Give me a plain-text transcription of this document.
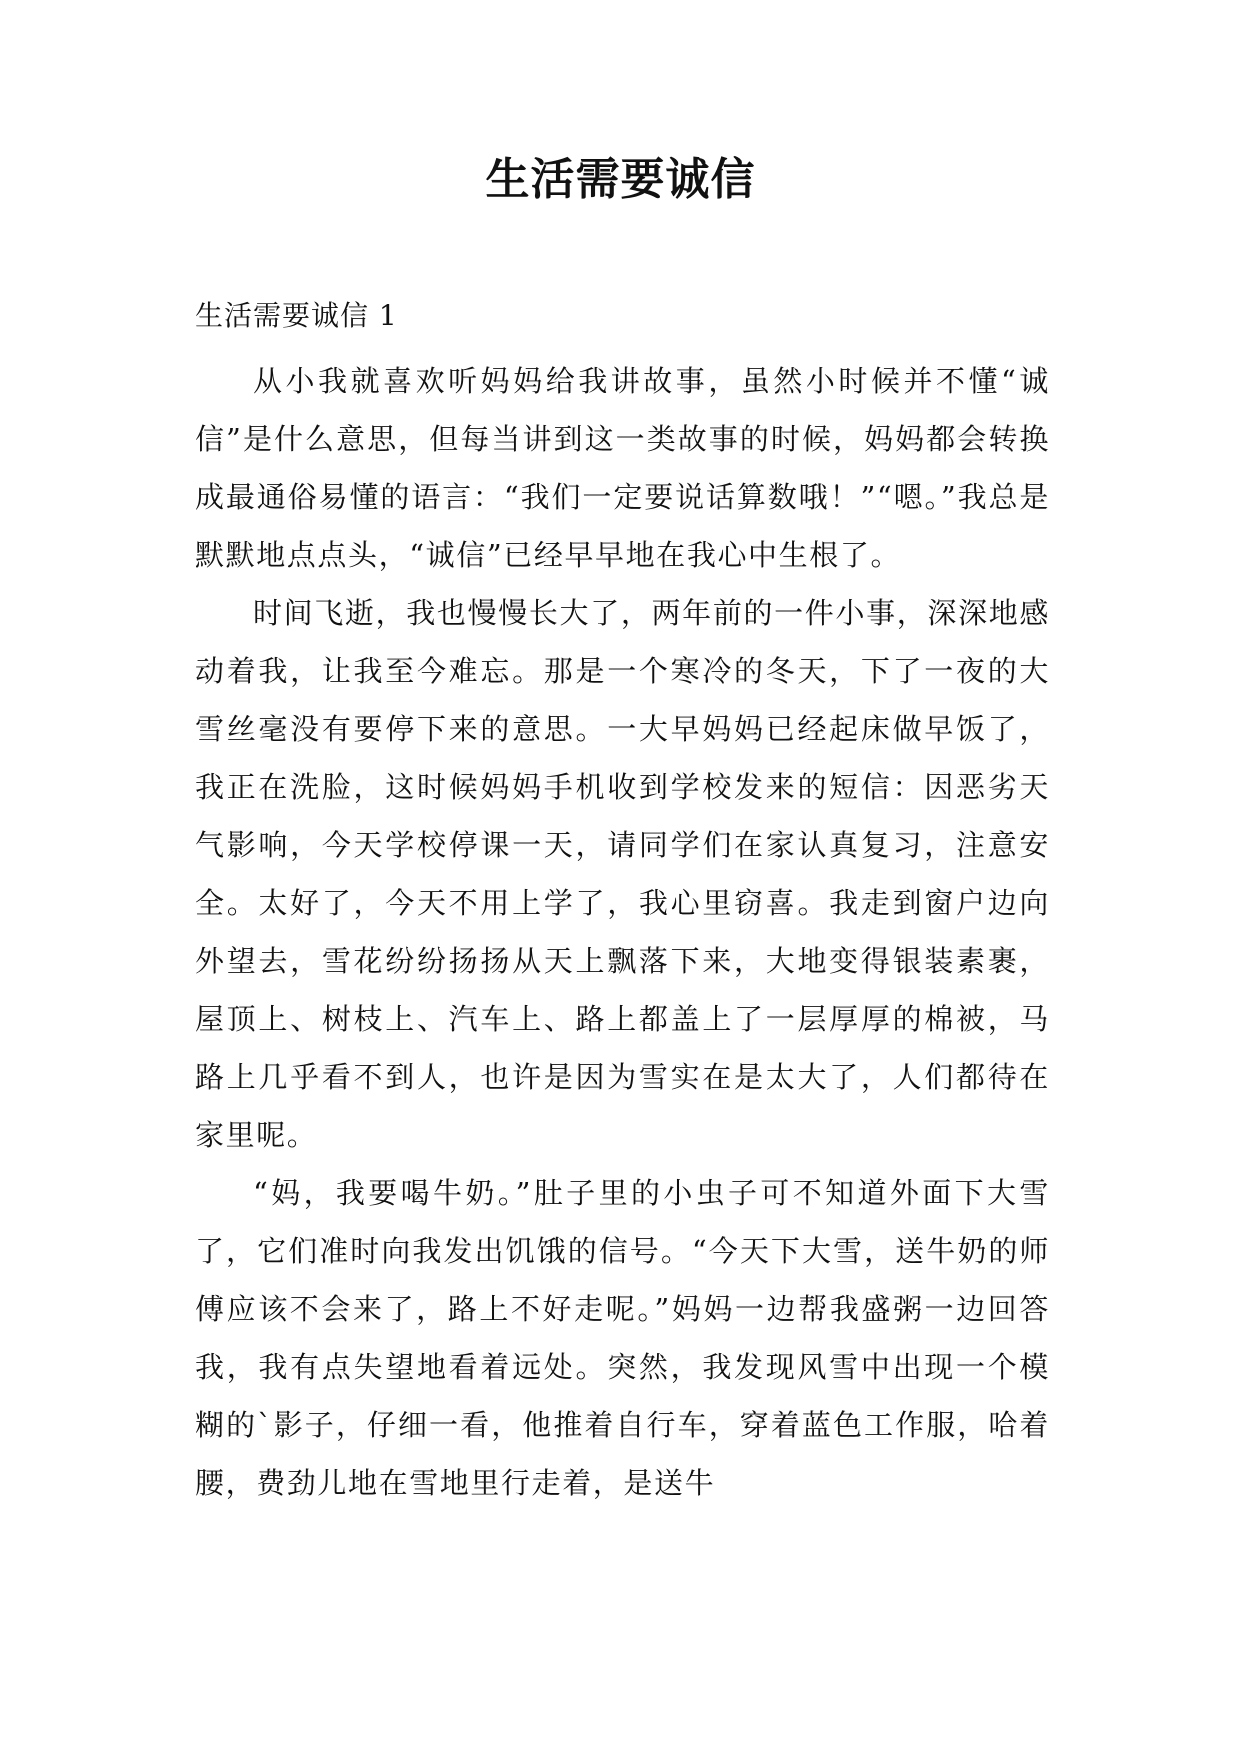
生活需要诚信

生活需要诚信 1

从小我就喜欢听妈妈给我讲故事，虽然小时候并不懂“诚信”是什么意思，但每当讲到这一类故事的时候，妈妈都会转换成最通俗易懂的语言：“我们一定要说话算数哦！”“嗯。”我总是默默地点点头，“诚信”已经早早地在我心中生根了。

时间飞逝，我也慢慢长大了，两年前的一件小事，深深地感动着我，让我至今难忘。那是一个寒冷的冬天，下了一夜的大雪丝毫没有要停下来的意思。一大早妈妈已经起床做早饭了，我正在洗脸，这时候妈妈手机收到学校发来的短信：因恶劣天气影响，今天学校停课一天，请同学们在家认真复习，注意安全。太好了，今天不用上学了，我心里窃喜。我走到窗户边向外望去，雪花纷纷扬扬从天上飘落下来，大地变得银装素裹，屋顶上、树枝上、汽车上、路上都盖上了一层厚厚的棉被，马路上几乎看不到人，也许是因为雪实在是太大了，人们都待在家里呢。

“妈，我要喝牛奶。”肚子里的小虫子可不知道外面下大雪了，它们准时向我发出饥饿的信号。“今天下大雪，送牛奶的师傅应该不会来了，路上不好走呢。”妈妈一边帮我盛粥一边回答我，我有点失望地看着远处。突然，我发现风雪中出现一个模糊的`影子，仔细一看，他推着自行车，穿着蓝色工作服，哈着腰，费劲儿地在雪地里行走着，是送牛
